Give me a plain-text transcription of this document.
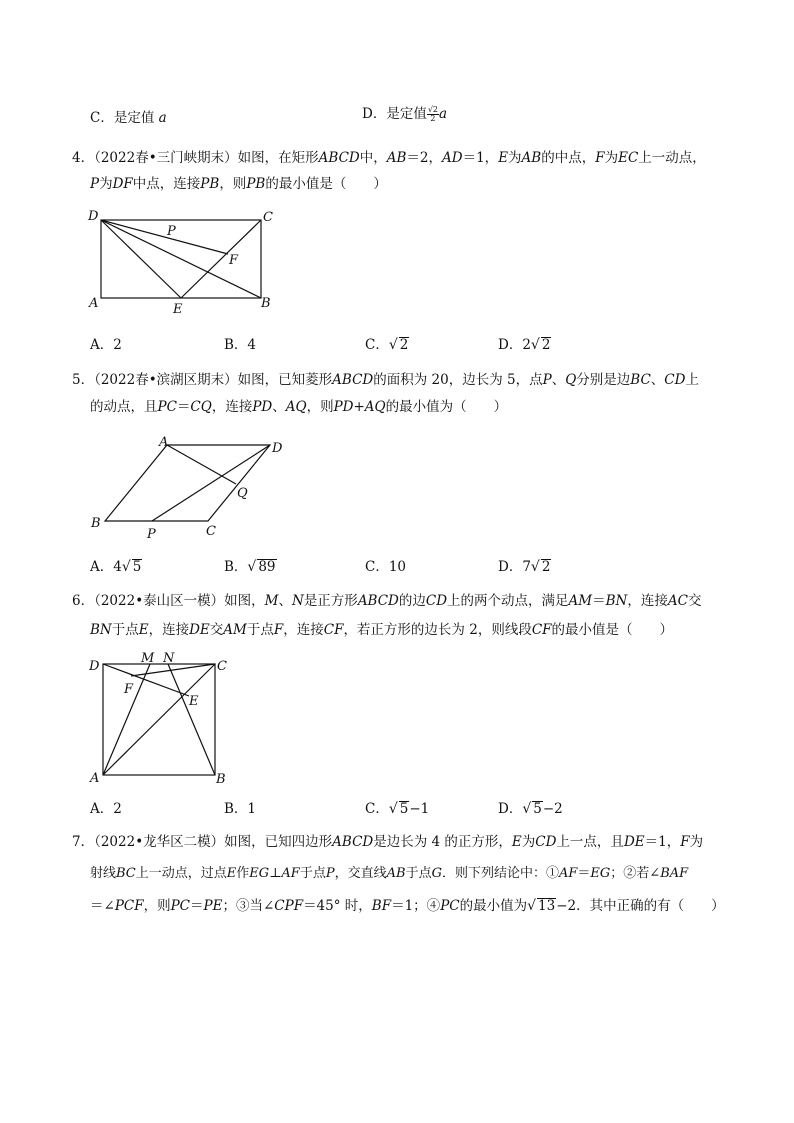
C．是定值 a	D．是定值 $\frac{√2}{2}$ a
4．（2022春•三门峡期末）如图，在矩形ABCD中，AB＝2，AD＝1，E为AB的中点，F为EC上一动点，
P为DF中点，连接PB，则PB的最小值是（　　）
D	C
P
F
A	E	B
A．2	B．4	C．√ 2	D．2√ 2
5．（2022春•滨湖区期末）如图，已知菱形ABCD的面积为 20，边长为 5，点P、Q分别是边BC、CD上
的动点，且PC＝CQ，连接PD、AQ，则PD+AQ的最小值为（　　）
A	D
Q
B
P	C
A．4√ 5	B．√ 89	C．10	D．7√ 2
6．（2022•泰山区一模）如图，M、N是正方形ABCD的边CD上的两个动点，满足AM＝BN，连接AC交
BN于点E，连接DE交AM于点F，连接CF，若正方形的边长为 2，则线段CF的最小值是（　　）
D
M N
C
F
E
A	B
A．2	B．1	C．√ 5−1	D．√ 5−2
7．（2022•龙华区二模）如图，已知四边形ABCD是边长为 4 的正方形，E为CD上一点，且DE＝1，F为
射线BC上一动点，过点E作EG⊥AF于点P，交直线AB于点G．则下列结论中：①AF＝EG；②若∠BAF
＝∠PCF，则PC＝PE；③当∠CPF＝45° 时，BF＝1；④PC的最小值为√ 13−2．其中正确的有（　　）
